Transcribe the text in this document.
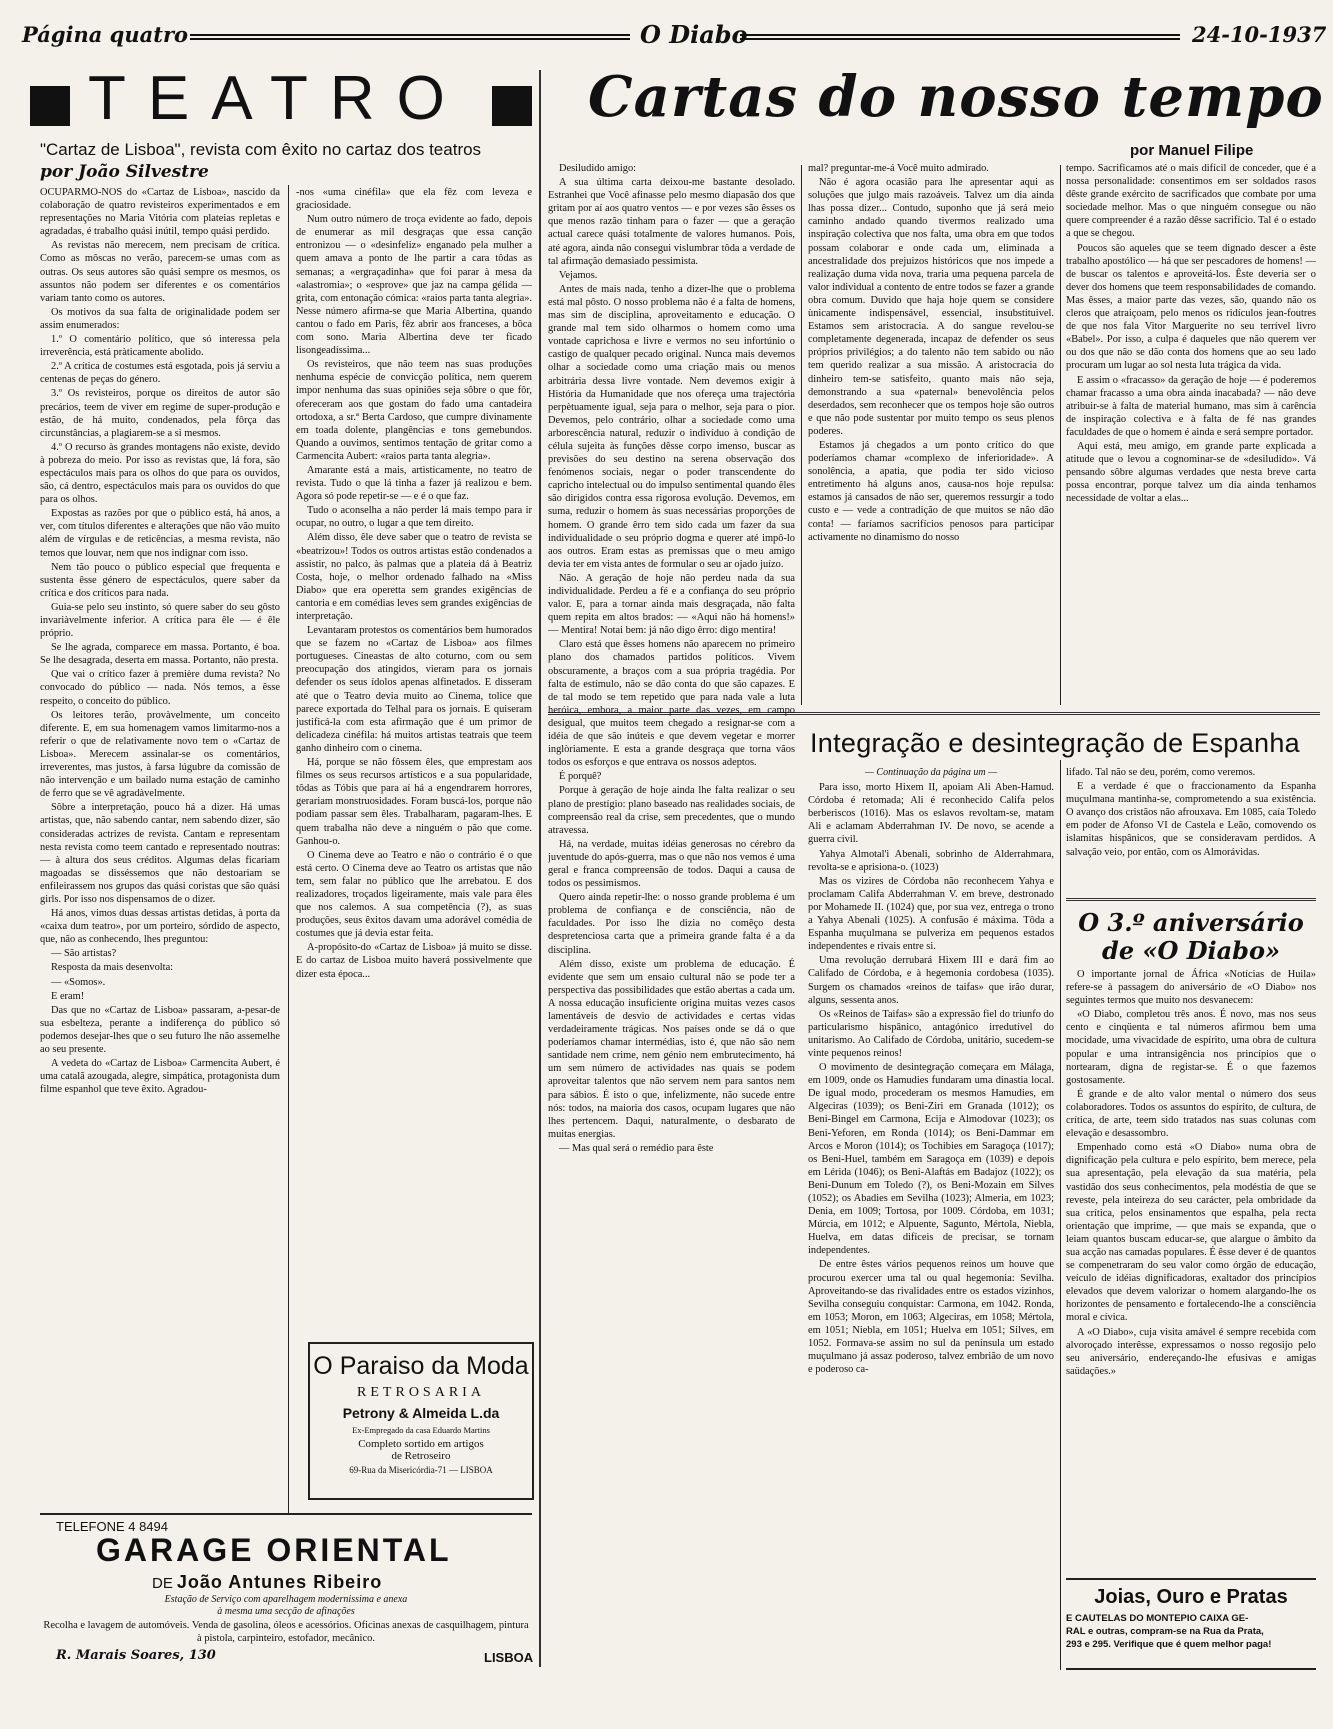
Página quatro	O Diabo	24-10-1937
TEATRO
"Cartaz de Lisboa", revista com êxito no cartaz dos teatros
por João Silvestre

OCUPARMO-NOS do «Cartaz de Lisboa», nascido da colaboração de quatro revisteiros experimentados e em representações no Maria Vitória com plateias repletas e agradadas, é trabalho quási inútil, tempo quási perdido.

As revistas não merecem, nem precisam de crítica. Como as môscas no verão, parecem-se umas com as outras. Os seus autores são quási sempre os mesmos, os assuntos não podem ser diferentes e os comentários variam tanto como os autores.

Os motivos da sua falta de originalidade podem ser assim enumerados:

1.º O comentário político, que só interessa pela irreverência, está pràticamente abolido.

2.º A crítica de costumes está esgotada, pois já serviu a centenas de peças do género.

3.º Os revisteiros, porque os direitos de autor são precários, teem de viver em regime de super-produção e estão, de há muito, condenados, pela fôrça das circunstâncias, a plagiarem-se a si mesmos.

4.º O recurso às grandes montagens não existe, devido à pobreza do meio. Por isso as revistas que, lá fora, são espectáculos mais para os olhos do que para os ouvidos, são, cá dentro, espectáculos mais para os ouvidos do que para os olhos.

Expostas as razões por que o público está, há anos, a ver, com títulos diferentes e alterações que não vão muito além de vírgulas e de reticências, a mesma revista, não temos que louvar, nem que nos indignar com isso.

Nem tão pouco o público especial que frequenta e sustenta êsse género de espectáculos, quere saber da crítica e dos críticos para nada.

Guia-se pelo seu instinto, só quere saber do seu gôsto invariàvelmente inferior. A crítica para êle — é êle próprio.

Se lhe agrada, comparece em massa. Portanto, é boa. Se lhe desagrada, deserta em massa. Portanto, não presta.

Que vai o crítico fazer à première duma revista? No convocado do público — nada. Nós temos, a êsse respeito, o conceito do público.

Os leitores terão, provàvelmente, um conceito diferente. E, em sua homenagem vamos limitarmo-nos a referir o que de relativamente novo tem o «Cartaz de Lisboa». Merecem assinalar-se os comentários, irreverentes, mas justos, à farsa lúgubre da comissão de não intervenção e um bailado numa estação de caminho de ferro que se vê agradàvelmente.

Sôbre a interpretação, pouco há a dizer. Há umas artistas, que, não sabendo cantar, nem sabendo dizer, são consideradas actrizes de revista. Cantam e representam nesta revista como teem cantado e representado noutras: — à altura dos seus créditos. Algumas delas ficariam magoadas se disséssemos que não destoariam se enfileirassem nos grupos das quási coristas que são quási girls. Por isso nos dispensamos de o dizer.

Há anos, vimos duas dessas artistas detidas, à porta da «caixa dum teatro», por um porteiro, sórdido de aspecto, que, não as conhecendo, lhes preguntou:

— São artistas?

Resposta da mais desenvolta:

— «Somos».

E eram!

Das que no «Cartaz de Lisboa» passaram, a-pesar-de sua esbelteza, perante a indiferença do público só podemos desejar-lhes que o seu futuro lhe não assemelhe ao seu presente.

A vedeta do «Cartaz de Lisboa» Carmencita Aubert, é uma catalã azougada, alegre, simpática, protagonista dum filme espanhol que teve êxito. Agradou-

-nos «uma cinéfila» que ela fêz com leveza e graciosidade.

Num outro número de troça evidente ao fado, depois de enumerar as mil desgraças que essa canção entronizou — o «desinfeliz» enganado pela mulher a quem amava a ponto de lhe partir a cara tôdas as semanas; a «ergraçadinha» que foi parar à mesa da «alastromia»; o «esprove» que jaz na campa gélida — grita, com entonação cómica: «raios parta tanta alegria». Nesse número afirma-se que Maria Albertina, quando cantou o fado em Paris, fêz abrir aos franceses, a bôca com sono. Maria Albertina deve ter ficado lisongeadíssima...

Os revisteiros, que não teem nas suas produções nenhuma espécie de convicção política, nem querem impor nenhuma das suas opiniões seja sôbre o que fôr, ofereceram aos que gostam do fado uma cantadeira ortodoxa, a sr.ª Berta Cardoso, que cumpre divinamente em toada dolente, plangências e tons gemebundos. Quando a ouvimos, sentimos tentação de gritar como a Carmencita Aubert: «raios parta tanta alegria».

Amarante está a mais, artìsticamente, no teatro de revista. Tudo o que lá tinha a fazer já realizou e bem. Agora só pode repetir-se — e é o que faz.

Tudo o aconselha a não perder lá mais tempo para ir ocupar, no outro, o lugar a que tem direito.

Além disso, êle deve saber que o teatro de revista se «beatrizou»! Todos os outros artistas estão condenados a assistir, no palco, às palmas que a plateia dá à Beatriz Costa, hoje, o melhor ordenado falhado na «Miss Diabo» que era operetta sem grandes exigências de cantoria e em comédias leves sem grandes exigências de interpretação.

Levantaram protestos os comentários bem humorados que se fazem no «Cartaz de Lisboa» aos filmes portugueses. Cineastas de alto coturno, com ou sem preocupação dos atingidos, vieram para os jornais defender os seus ídolos apenas alfinetados. E disseram até que o Teatro devia muito ao Cinema, tolice que parece exportada do Telhal para os jornais. E quiseram justificá-la com esta afirmação que é um primor de delicadeza cinéfila: há muitos artistas teatrais que teem ganho dinheiro com o cinema.

Há, porque se não fôssem êles, que emprestam aos filmes os seus recursos artísticos e a sua popularidade, tôdas as Tóbis que para aí há a engendrarem horrores, gerariam monstruosidades. Foram buscá-los, porque não podiam passar sem êles. Trabalharam, pagaram-lhes. E quem trabalha não deve a ninguém o pão que come. Ganhou-o.

O Cinema deve ao Teatro e não o contrário é o que está certo. O Cinema deve ao Teatro os artistas que não tem, sem falar no público que lhe arrebatou. E dos realizadores, troçados ligeiramente, mais vale para êles que nos calemos. A sua competência (?), as suas produções, seus êxitos davam uma adorável comédia de costumes que já devia estar feita.

A-propósito-do «Cartaz de Lisboa» já muito se disse. E do cartaz de Lisboa muito haverá possìvelmente que dizer esta época...

O Paraiso da Moda
RETROSARIA
Petrony & Almeida L.da
Ex-Empregado da casa Eduardo Martins
Completo sortido em artigos
de Retroseiro
69-Rua da Misericórdia-71 — LISBOA
TELEFONE 4 8494
GARAGE ORIENTAL
DE João Antunes Ribeiro
Estação de Serviço com aparelhagem modernissima e anexa
à mesma uma secção de afinações
Recolha e lavagem de automóveis. Venda de gasolina, óleos e acessórios. Oficinas anexas de casquilhagem, pintura à pistola, carpinteiro, estofador, mecânico.
R. Marais Soares, 130	LISBOA
Cartas do nosso tempo
por Manuel Filipe

Desiludido amigo:

A sua última carta deixou-me bastante desolado. Estranhei que Você afinasse pelo mesmo diapasão dos que gritam por aí aos quatro ventos — e por vezes são êsses os que menos razão tinham para o fazer — que a geração actual carece quási totalmente de valores humanos. Pois, até agora, ainda não consegui vislumbrar tôda a verdade de tal afirmação demasiado pessimista.

Vejamos.

Antes de mais nada, tenho a dizer-lhe que o problema está mal pôsto. O nosso problema não é a falta de homens, mas sim de disciplina, aproveitamento e educação. O grande mal tem sido olharmos o homem como uma vontade caprichosa e livre e vermos no seu infortúnio o castigo de qualquer pecado original. Nunca mais devemos olhar a sociedade como uma criação mais ou menos arbitrária dessa livre vontade. Nem devemos exigir à História da Humanidade que nos ofereça uma trajectória perpètuamente igual, seja para o melhor, seja para o pior. Devemos, pelo contrário, olhar a sociedade como uma arborescência natural, reduzir o indivíduo à condição de célula sujeita às funções dêsse corpo imenso, buscar as previsões do seu destino na serena observação dos fenómenos sociais, negar o poder transcendente do capricho intelectual ou do impulso sentimental quando êles são dirigidos contra essa rigorosa evolução. Devemos, em suma, reduzir o homem às suas necessárias proporções de homem. O grande êrro tem sido cada um fazer da sua individualidade o seu próprio dogma e querer até impô-lo aos outros. Eram estas as premissas que o meu amigo devia ter em vista antes de formular o seu ar ojado juízo.

Não. A geração de hoje não perdeu nada da sua individualidade. Perdeu a fé e a confiança do seu próprio valor. E, para a tornar ainda mais desgraçada, não falta quem repita em altos brados: — «Aqui não há homens!» — Mentira! Notai bem: já não digo êrro: digo mentira!

Claro está que êsses homens não aparecem no primeiro plano dos chamados partidos políticos. Vivem obscuramente, a braços com a sua própria tragédia. Por falta de estímulo, não se dão conta do que são capazes. E de tal modo se tem repetido que para nada vale a luta heróica, embora, a maior parte das vezes, em campo desigual, que muitos teem chegado a resignar-se com a idéia de que são inúteis e que devem vegetar e morrer inglòriamente. E esta a grande desgraça que torna vãos todos os esforços e que entrava os nossos adeptos.

É porquê?

Porque à geração de hoje ainda lhe falta realizar o seu plano de prestígio: plano baseado nas realidades sociais, de compreensão real da crise, sem precedentes, que o mundo atravessa.

Há, na verdade, muitas idéias generosas no cérebro da juventude do após-guerra, mas o que não nos vemos é uma geral e franca compreensão de todos. Daqui a causa de todos os pessimismos.

Quero ainda repetir-lhe: o nosso grande problema é um problema de confiança e de consciência, não de faculdades. Por isso lhe dizia no comêço desta despretenciosa carta que a primeira grande falta é a da disciplina.

Além disso, existe um problema de educação. É evidente que sem um ensaio cultural não se pode ter a perspectiva das possibilidades que estão abertas a cada um. A nossa educação insuficiente origina muitas vezes casos lamentáveis de desvio de actividades e certas vidas verdadeiramente trágicas. Nos países onde se dá o que poderíamos chamar intermédias, isto é, que não são nem santidade nem crime, nem génio nem embrutecimento, há um sem número de actividades nas quais se podem aproveitar talentos que não servem nem para santos nem para sábios. É isto o que, infelizmente, não sucede entre nós: todos, na maioria dos casos, ocupam lugares que não lhes pertencem. Daqui, naturalmente, o desbarato de muitas energias.

— Mas qual será o remédio para êste

mal? preguntar-me-á Você muito admirado.

Não é agora ocasião para lhe apresentar aqui as soluções que julgo mais razoáveis. Talvez um dia ainda lhas possa dizer... Contudo, suponho que já será meio caminho andado quando tivermos realizado uma inspiração colectiva que nos falta, uma obra em que todos possam colaborar e onde cada um, eliminada a ancestralidade dos prejuizos históricos que nos impede a realização duma vida nova, traria uma pequena parcela de valor individual a contento de entre todos se fazer a grande obra comum. Duvido que haja hoje quem se considere ùnicamente indispensável, essencial, insubstituivel. Estamos sem aristocracia. A do sangue revelou-se completamente degenerada, incapaz de defender os seus próprios privilégios; a do talento não tem sabido ou não tem querido realizar a sua missão. A aristocracia do dinheiro tem-se satisfeito, quanto mais não seja, demonstrando a sua «paternal» benevolência pelos deserdados, sem reconhecer que os tempos hoje são outros e que não pode sustentar por muito tempo os seus plenos poderes.

Estamos já chegados a um ponto crítico do que poderíamos chamar «complexo de inferioridade». A sonolência, a apatia, que podia ter sido vicioso entretimento há alguns anos, causa-nos hoje repulsa: estamos já cansados de não ser, queremos ressurgir a todo custo e — vede a contradição de que muitos se não dão conta! — faríamos sacrifícios penosos para participar activamente no dinamismo do nosso

tempo. Sacrificamos até o mais difícil de conceder, que é a nossa personalidade: consentimos em ser soldados rasos dêste grande exército de sacrificados que combate por uma sociedade melhor. Mas o que ninguém consegue ou não quere compreender é a razão dêsse sacrifício. Tal é o estado a que se chegou.

Poucos são aqueles que se teem dignado descer a êste trabalho apostólico — há que ser pescadores de homens! — de buscar os talentos e aproveitá-los. Êste deveria ser o dever dos homens que teem responsabilidades de comando. Mas êsses, a maior parte das vezes, são, quando não os cleros que atraiçoam, pelo menos os ridículos jean-foutres de que nos fala Vitor Marguerite no seu terrível livro «Babel». Por isso, a culpa é daqueles que não querem ver ou dos que não se dão conta dos homens que ao seu lado procuram um lugar ao sol nesta luta trágica da vida.

E assim o «fracasso» da geração de hoje — é poderemos chamar fracasso a uma obra ainda inacabada? — não deve atribuir-se à falta de material humano, mas sim à carência de inspiração colectiva e à falta de fé nas grandes faculdades de que o homem é ainda e será sempre portador.

Aqui está, meu amigo, em grande parte explicada a atitude que o levou a cognominar-se de «desiludido». Vá pensando sôbre algumas verdades que nesta breve carta possa encontrar, porque talvez um dia ainda tenhamos necessidade de voltar a elas...

Integração e desintegração de Espanha
— Continuação da página um —

Para isso, morto Hixem II, apoiam Ali Aben-Hamud. Córdoba é retomada; Ali é reconhecido Califa pelos berberiscos (1016). Mas os eslavos revoltam-se, matam Ali e aclamam Abderrahman IV. De novo, se acende a guerra civil.

Yahya Almotal'i Abenali, sobrinho de Alderrahmara, revolta-se e aprisiona-o. (1023)

Mas os vizires de Córdoba não reconhecem Yahya e proclamam Califa Abderrahman V. em breve, destronado por Mohamede II. (1024) que, por sua vez, entrega o trono a Yahya Abenali (1025). A confusão é máxima. Tôda a Espanha muçulmana se pulveriza em pequenos estados independentes e rivais entre si.

Uma revolução derrubará Hixem III e dará fim ao Califado de Córdoba, e à hegemonia cordobesa (1035). Surgem os chamados «reinos de taifas» que irão durar, alguns, sessenta anos.

Os «Reinos de Taifas» são a expressão fiel do triunfo do particularismo hispânico, antagónico irredutível do unitarismo. Ao Califado de Córdoba, unitário, sucedem-se vinte pequenos reinos!

O movimento de desintegração começara em Málaga, em 1009, onde os Hamudies fundaram uma dinastia local. De igual modo, procederam os mesmos Hamudies, em Algeciras (1039); os Beni-Ziri em Granada (1012); os Beni-Bingel em Carmona, Ecija e Almodovar (1023); os Beni-Yeforen, em Ronda (1014); os Beni-Dammar em Arcos e Moron (1014); os Tochibies em Saragoça (1017); os Beni-Huel, também em Saragoça em (1039) e depois em Lérida (1046); os Beni-Alaftás em Badajoz (1022); os Beni-Dunum em Toledo (?), os Beni-Mozain em Silves (1052); os Abadies em Sevilha (1023); Almeria, em 1023; Denia, em 1009; Tortosa, por 1009. Córdoba, em 1031; Múrcia, em 1012; e Alpuente, Sagunto, Mértola, Niebla, Huelva, em datas difíceis de precisar, se tornam independentes.

De entre êstes vários pequenos reinos um houve que procurou exercer uma tal ou qual hegemonia: Sevilha. Aproveitando-se das rivalidades entre os estados vizinhos, Sevilha conseguiu conquistar: Carmona, em 1042. Ronda, em 1053; Moron, em 1063; Algeciras, em 1058; Mértola, em 1051; Niebla, em 1051; Huelva em 1051; Silves, em 1052. Formava-se assim no sul da península um estado muçulmano já assaz poderoso, talvez embrião de um novo e poderoso ca-

lifado. Tal não se deu, porém, como veremos.

E a verdade é que o fraccionamento da Espanha muçulmana mantinha-se, comprometendo a sua existência. O avanço dos cristãos não afrouxava. Em 1085, caía Toledo em poder de Afonso VI de Castela e Leão, comovendo os islamitas hispânicos, que se consideravam perdidos. A salvação veio, por então, com os Almorávidas.

O 3.º aniversário
de «O Diabo»

O importante jornal de África «Notícias de Huila» refere-se à passagem do aniversário de «O Diabo» nos seguintes termos que muito nos desvanecem:

«O Diabo, completou três anos. É novo, mas nos seus cento e cinqüenta e tal números afirmou bem uma mocidade, uma vivacidade de espírito, uma obra de cultura popular e uma intransigência nos princípios que o nortearam, digna de registar-se. É o que fazemos gostosamente.

É grande e de alto valor mental o número dos seus colaboradores. Todos os assuntos do espírito, de cultura, de crítica, de arte, teem sido tratados nas suas colunas com elevação e desassombro.

Empenhado como está «O Diabo» numa obra de dignificação pela cultura e pelo espírito, bem merece, pela sua apresentação, pela elevação da sua matéria, pela vastidão dos seus conhecimentos, pela modéstia de que se reveste, pela inteireza do seu carácter, pela ombridade da sua crítica, pelos ensinamentos que espalha, pela recta orientação que imprime, — que mais se expanda, que o leiam quantos buscam educar-se, que alargue o âmbito da sua acção nas camadas populares. É êsse dever é de quantos se compenetraram do seu valor como órgão de educação, veículo de idéias dignificadoras, exaltador dos princípios elevados que devem valorizar o homem alargando-lhe os horizontes de pensamento e fortalecendo-lhe a consciência moral e cívica.

A «O Diabo», cuja visita amável é sempre recebida com alvoroçado interêsse, expressamos o nosso regosijo pelo seu aniversário, endereçando-lhe efusivas e amigas saüdações.»

Joias, Ouro e Pratas
E CAUTELAS DO MONTEPIO CAIXA GE-
RAL e outras, compram-se na Rua da Prata,
293 e 295. Verifique que é quem melhor paga!
